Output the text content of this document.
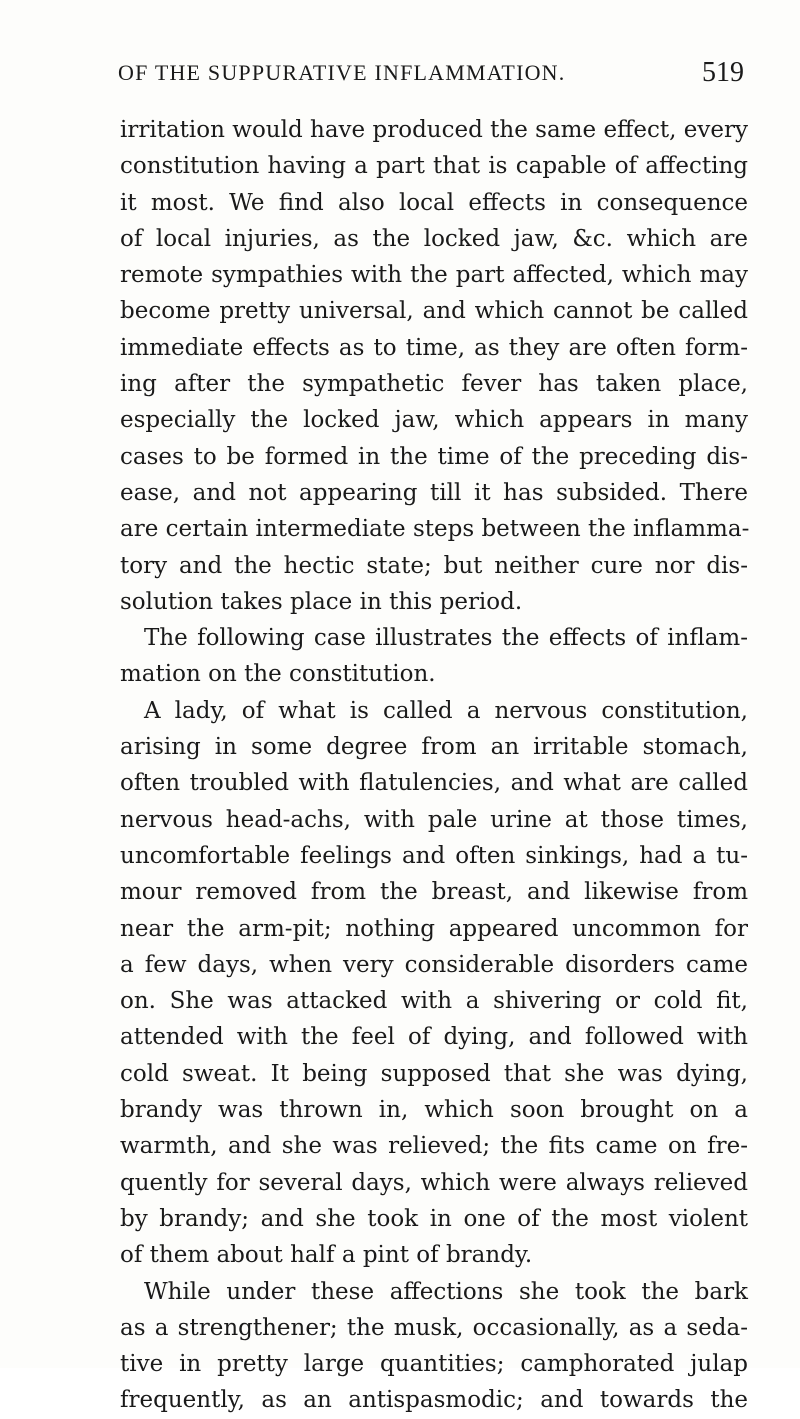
OF THE SUPPURATIVE INFLAMMATION.	519
irritation would have produced the same effect, every
constitution having a part that is capable of affecting
it most. We find also local effects in consequence
of local injuries, as the locked jaw, &c. which are
remote sympathies with the part affected, which may
become pretty universal, and which cannot be called
immediate effects as to time, as they are often form-
ing after the sympathetic fever has taken place,
especially the locked jaw, which appears in many
cases to be formed in the time of the preceding dis-
ease, and not appearing till it has subsided. There
are certain intermediate steps between the inflamma-
tory and the hectic state; but neither cure nor dis-
solution takes place in this period.
The following case illustrates the effects of inflam-
mation on the constitution.
A lady, of what is called a nervous constitution,
arising in some degree from an irritable stomach,
often troubled with flatulencies, and what are called
nervous head-achs, with pale urine at those times,
uncomfortable feelings and often sinkings, had a tu-
mour removed from the breast, and likewise from
near the arm-pit; nothing appeared uncommon for
a few days, when very considerable disorders came
on. She was attacked with a shivering or cold fit,
attended with the feel of dying, and followed with
cold sweat. It being supposed that she was dying,
brandy was thrown in, which soon brought on a
warmth, and she was relieved; the fits came on fre-
quently for several days, which were always relieved
by brandy; and she took in one of the most violent
of them about half a pint of brandy.
While under these affections she took the bark
as a strengthener; the musk, occasionally, as a seda-
tive in pretty large quantities; camphorated julap
frequently, as an antispasmodic; and towards the
